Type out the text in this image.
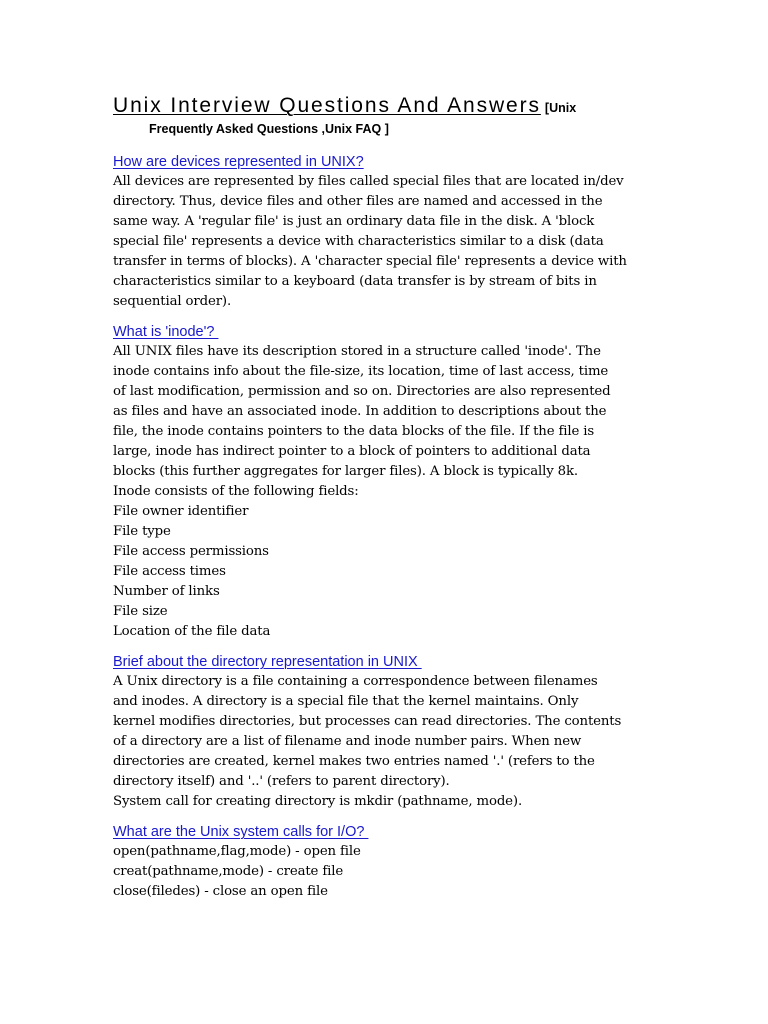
Unix Interview Questions And Answers [Unix

Frequently Asked Questions ,Unix FAQ ]

How are devices represented in UNIX?

All devices are represented by files called special files that are located in/dev
directory. Thus, device files and other files are named and accessed in the
same way. A 'regular file' is just an ordinary data file in the disk. A 'block
special file' represents a device with characteristics similar to a disk (data
transfer in terms of blocks). A 'character special file' represents a device with
characteristics similar to a keyboard (data transfer is by stream of bits in
sequential order).

What is 'inode'?

All UNIX files have its description stored in a structure called 'inode'. The
inode contains info about the file-size, its location, time of last access, time
of last modification, permission and so on. Directories are also represented
as files and have an associated inode. In addition to descriptions about the
file, the inode contains pointers to the data blocks of the file. If the file is
large, inode has indirect pointer to a block of pointers to additional data
blocks (this further aggregates for larger files). A block is typically 8k.
Inode consists of the following fields:
File owner identifier
File type
File access permissions
File access times
Number of links
File size
Location of the file data

Brief about the directory representation in UNIX

A Unix directory is a file containing a correspondence between filenames
and inodes. A directory is a special file that the kernel maintains. Only
kernel modifies directories, but processes can read directories. The contents
of a directory are a list of filename and inode number pairs. When new
directories are created, kernel makes two entries named '.' (refers to the
directory itself) and '..' (refers to parent directory).
System call for creating directory is mkdir (pathname, mode).

What are the Unix system calls for I/O?

open(pathname,flag,mode) - open file
creat(pathname,mode) - create file
close(filedes) - close an open file
